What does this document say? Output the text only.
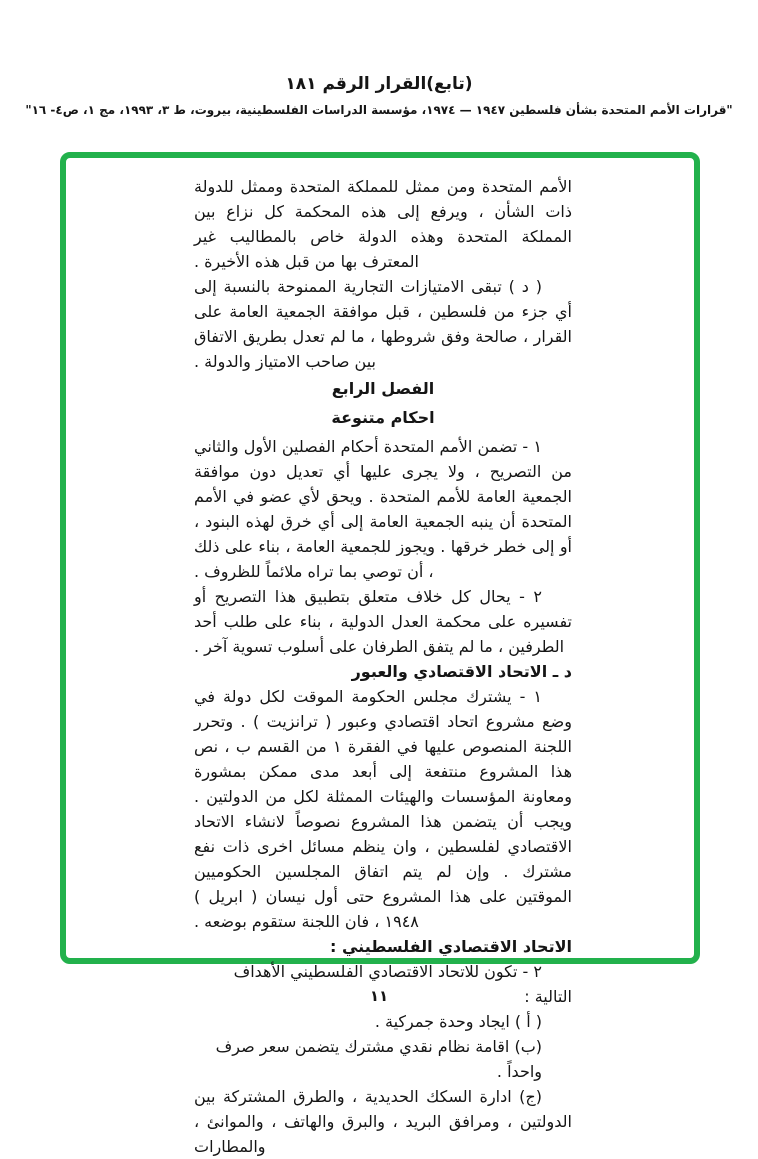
(تابع)القرار الرقم ١٨١

"قرارات الأمم المتحدة بشأن فلسطين ١٩٤٧ — ١٩٧٤، مؤسسة الدراسات الفلسطينية، بيروت، ط ٣، ١٩٩٣، مج ١، ص٤- ١٦"

الأمم المتحدة ومن ممثل للمملكة المتحدة وممثل للدولة ذات الشأن ، ويرفع إلى هذه المحكمة كل نزاع بين المملكة المتحدة وهذه الدولة خاص بالمطاليب غير المعترف بها من قبل هذه الأخيرة .

( د ) تبقى الامتيازات التجارية الممنوحة بالنسبة إلى أي جزء من فلسطين ، قبل موافقة الجمعية العامة على القرار ، صالحة وفق شروطها ، ما لم تعدل بطريق الاتفاق بين صاحب الامتياز والدولة .

الفصل الرابع

احكام متنوعة

١ - تضمن الأمم المتحدة أحكام الفصلين الأول والثاني من التصريح ، ولا يجرى عليها أي تعديل دون موافقة الجمعية العامة للأمم المتحدة . ويحق لأي عضو في الأمم المتحدة أن ينبه الجمعية العامة إلى أي خرق لهذه البنود ، أو إلى خطر خرقها . ويجوز للجمعية العامة ، بناء على ذلك ، أن توصي بما تراه ملائماً للظروف .

٢ - يحال كل خلاف متعلق بتطبيق هذا التصريح أو تفسيره على محكمة العدل الدولية ، بناء على طلب أحد الطرفين ، ما لم يتفق الطرفان على أسلوب تسوية آخر .

د ـ الاتحاد الاقتصادي والعبور

١ - يشترك مجلس الحكومة الموقت لكل دولة في وضع مشروع اتحاد اقتصادي وعبور ( ترانزيت ) . وتحرر اللجنة المنصوص عليها في الفقرة ١ من القسم ب ، نص هذا المشروع منتفعة إلى أبعد مدى ممكن بمشورة ومعاونة المؤسسات والهيئات الممثلة لكل من الدولتين . ويجب أن يتضمن هذا المشروع نصوصاً لانشاء الاتحاد الاقتصادي لفلسطين ، وان ينظم مسائل اخرى ذات نفع مشترك . وإن لم يتم اتفاق المجلسين الحكوميين الموقتين على هذا المشروع حتى أول نيسان ( ابريل ) ١٩٤٨ ، فان اللجنة ستقوم بوضعه .

الاتحاد الاقتصادي الفلسطيني :

٢ - تكون للاتحاد الاقتصادي الفلسطيني الأهداف التالية :

( أ ) ايجاد وحدة جمركية .

(ب) اقامة نظام نقدي مشترك يتضمن سعر صرف واحداً .

(ج) ادارة السكك الحديدية ، والطرق المشتركة بين الدولتين ، ومرافق البريد ، والبرق والهاتف ، والموانئ ، والمطارات

١١
